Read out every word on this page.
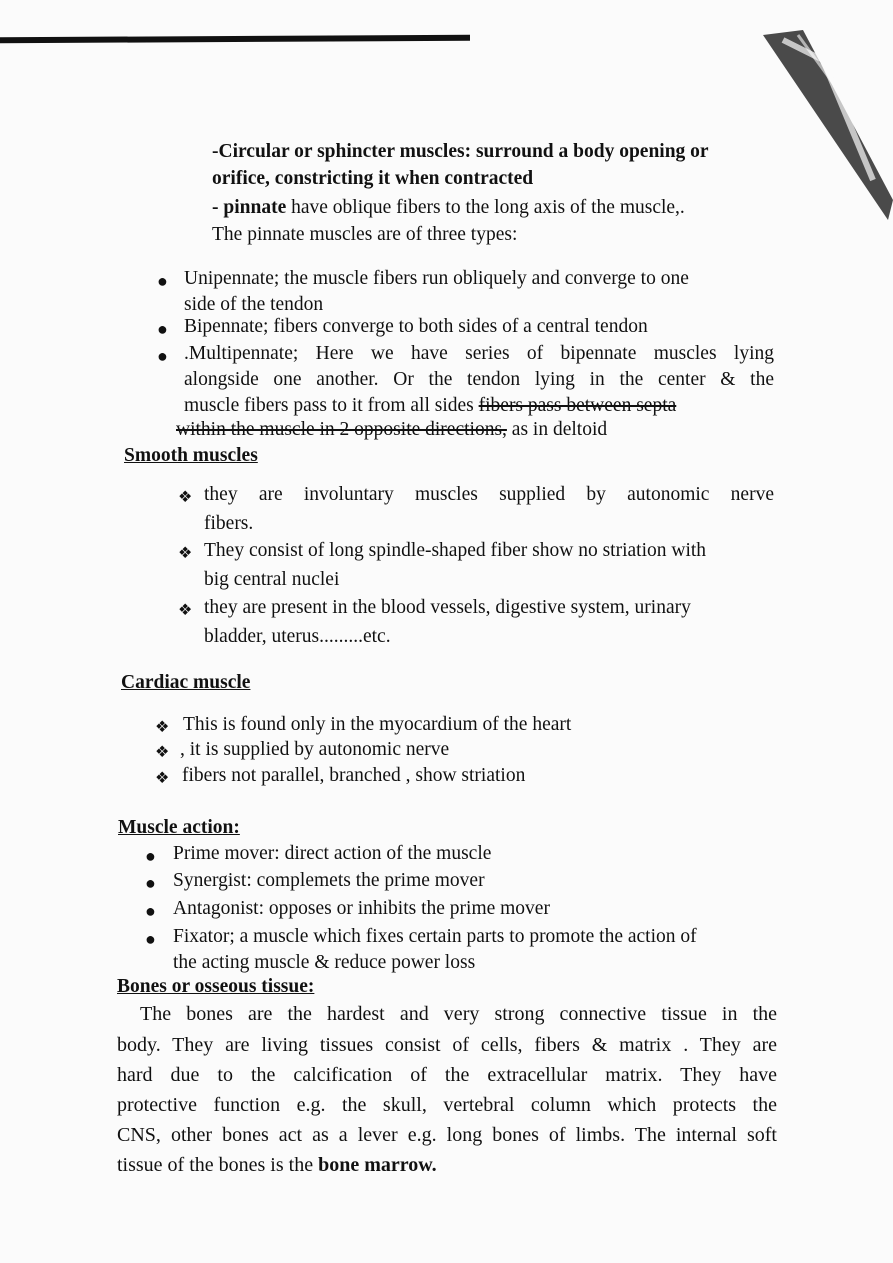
-Circular or sphincter muscles: surround a body opening or
orifice, constricting it when contracted
- pinnate have oblique fibers to the long axis of the muscle,.
The pinnate muscles are of three types:
● Unipennate; the muscle fibers run obliquely and converge to one
side of the tendon
● Bipennate; fibers converge to both sides of a central tendon
● .Multipennate; Here we have series of bipennate muscles lying
alongside one another. Or the tendon lying in the center & the
muscle fibers pass to it from all sides fibers pass between septa
within the muscle in 2 opposite directions, as in deltoid
Smooth muscles
❖ they are involuntary muscles supplied by autonomic nerve
fibers.
❖ They consist of long spindle-shaped fiber show no striation with
big central nuclei
❖ they are present in the blood vessels, digestive system, urinary
bladder, uterus.........etc.
Cardiac muscle
❖ This is found only in the myocardium of the heart
❖ , it is supplied by autonomic nerve
❖ fibers not parallel, branched , show striation
Muscle action:
● Prime mover: direct action of the muscle
● Synergist: complemets the prime mover
● Antagonist: opposes or inhibits the prime mover
● Fixator; a muscle which fixes certain parts to promote the action of
the acting muscle & reduce power loss
Bones or osseous tissue:
The bones are the hardest and very strong connective tissue in the
body. They are living tissues consist of cells, fibers & matrix . They are
hard due to the calcification of the extracellular matrix. They have
protective function e.g. the skull, vertebral column which protects the
CNS, other bones act as a lever e.g. long bones of limbs. The internal soft
tissue of the bones is the bone marrow.
